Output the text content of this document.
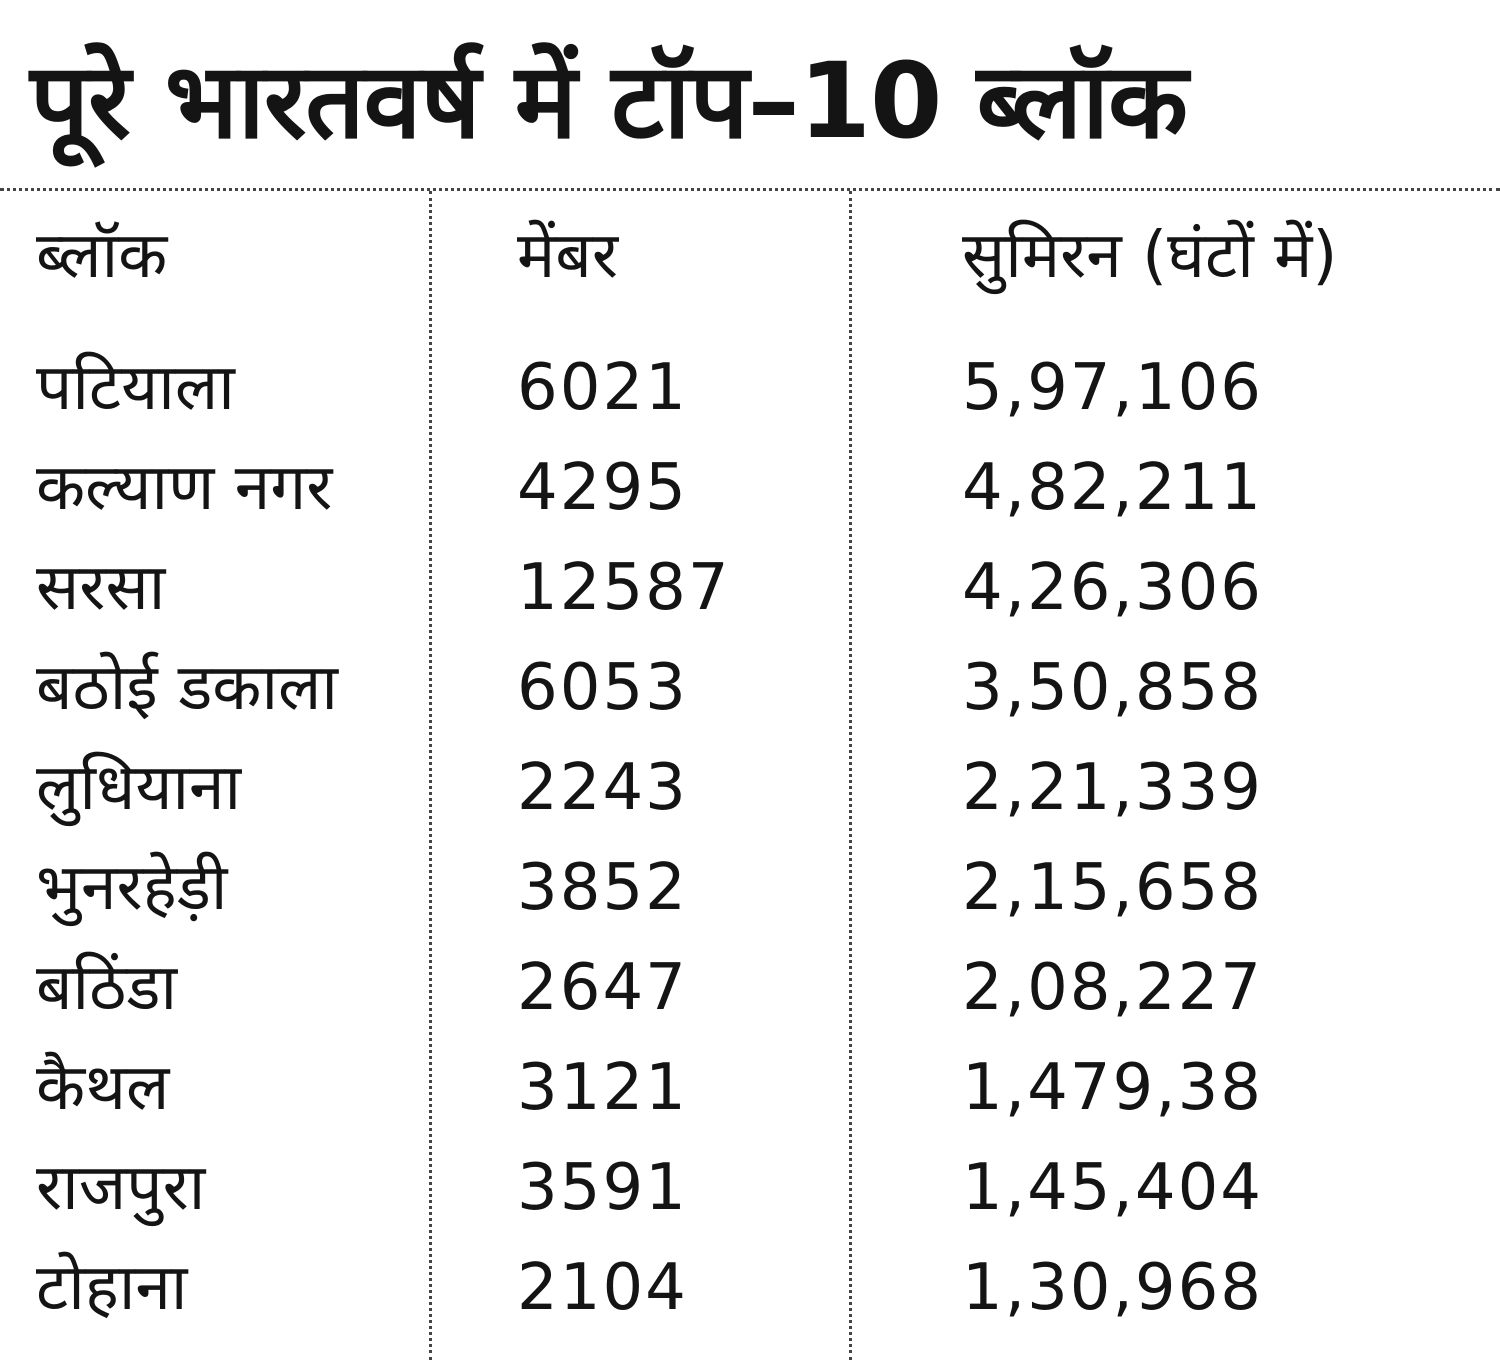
पूरे भारतवर्ष में टॉप–10 ब्लॉक
ब्लॉक	मेंबर	सुमिरन (घंटों में)
पटियाला	6021	5,97,106
कल्याण नगर	4295	4,82,211
सरसा	12587	4,26,306
बठोई डकाला	6053	3,50,858
लुधियाना	2243	2,21,339
भुनरहेड़ी	3852	2,15,658
बठिंडा	2647	2,08,227
कैथल	3121	1,479,38
राजपुरा	3591	1,45,404
टोहाना	2104	1,30,968
